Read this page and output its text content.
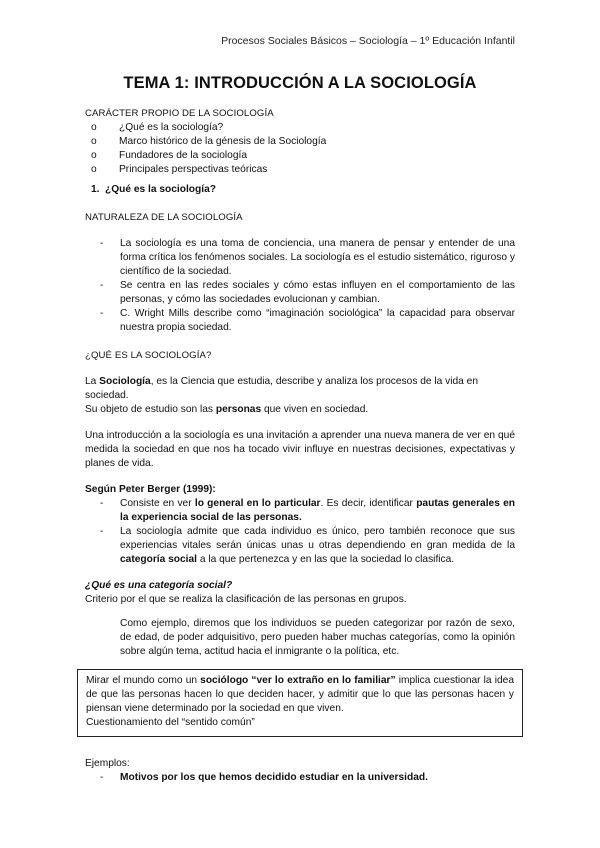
Procesos Sociales Básicos – Sociología – 1º Educación Infantil
TEMA 1: INTRODUCCIÓN A LA SOCIOLOGÍA

CARÁCTER PROPIO DE LA SOCIOLOGÍA

o ¿Qué es la sociología?
o Marco histórico de la génesis de la Sociología
o Fundadores de la sociología
o Principales perspectivas teóricas

1. ¿Qué es la sociología?

NATURALEZA DE LA SOCIOLOGÍA

- La sociología es una toma de conciencia, una manera de pensar y entender de una forma crítica los fenómenos sociales. La sociología es el estudio sistemático, riguroso y científico de la sociedad.
- Se centra en las redes sociales y cómo estas influyen en el comportamiento de las personas, y cómo las sociedades evolucionan y cambian.
- C. Wright Mills describe como “imaginación sociológica” la capacidad para observar nuestra propia sociedad.

¿QUÉ ES LA SOCIOLOGÍA?

La Sociología, es la Ciencia que estudia, describe y analiza los procesos de la vida en sociedad.

Su objeto de estudio son las personas que viven en sociedad.

Una introducción a la sociología es una invitación a aprender una nueva manera de ver en qué medida la sociedad en que nos ha tocado vivir influye en nuestras decisiones, expectativas y planes de vida.

Según Peter Berger (1999):

- Consiste en ver lo general en lo particular. Es decir, identificar pautas generales en la experiencia social de las personas.
- La sociología admite que cada individuo es único, pero también reconoce que sus experiencias vitales serán únicas unas u otras dependiendo en gran medida de la categoría social a la que pertenezca y en las que la sociedad lo clasifica.

¿Qué es una categoría social?

Criterio por el que se realiza la clasificación de las personas en grupos.

Como ejemplo, diremos que los individuos se pueden categorizar por razón de sexo, de edad, de poder adquisitivo, pero pueden haber muchas categorías, como la opinión sobre algún tema, actitud hacia el inmigrante o la política, etc.

Mirar el mundo como un sociólogo “ver lo extraño en lo familiar” implica cuestionar la idea de que las personas hacen lo que deciden hacer, y admitir que lo que las personas hacen y piensan viene determinado por la sociedad en que viven.

Cuestionamiento del “sentido común”

Ejemplos:

- Motivos por los que hemos decidido estudiar en la universidad.
